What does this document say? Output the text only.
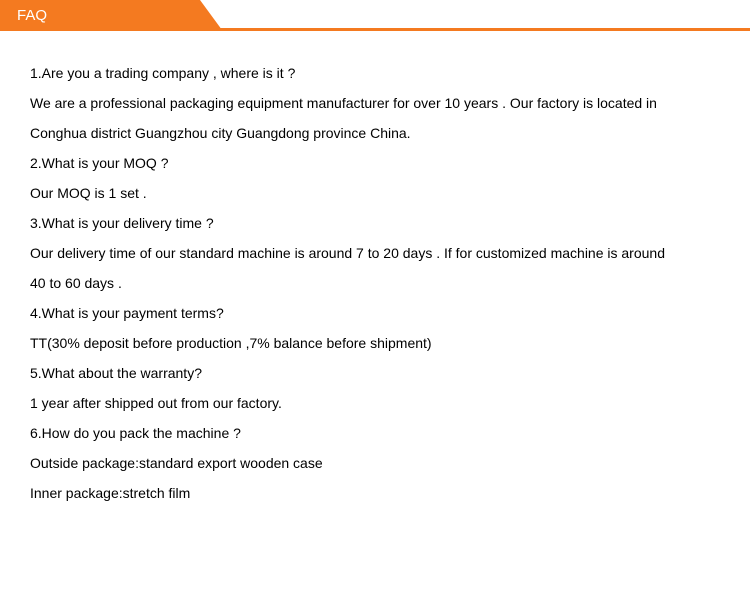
FAQ
1.Are you a trading company , where is it ?
We are a professional packaging equipment manufacturer for over 10 years . Our factory is located in
Conghua district Guangzhou city Guangdong province China.
2.What is your MOQ ?
Our MOQ is 1 set .
3.What is your delivery time ?
Our delivery time of our standard machine is around 7 to 20 days . If for customized machine is around
40 to 60 days .
4.What is your payment terms?
TT(30% deposit before production ,7% balance before shipment)
5.What about the warranty?
1 year after shipped out from our factory.
6.How do you pack the machine ?
Outside package:standard export wooden case
Inner package:stretch film
